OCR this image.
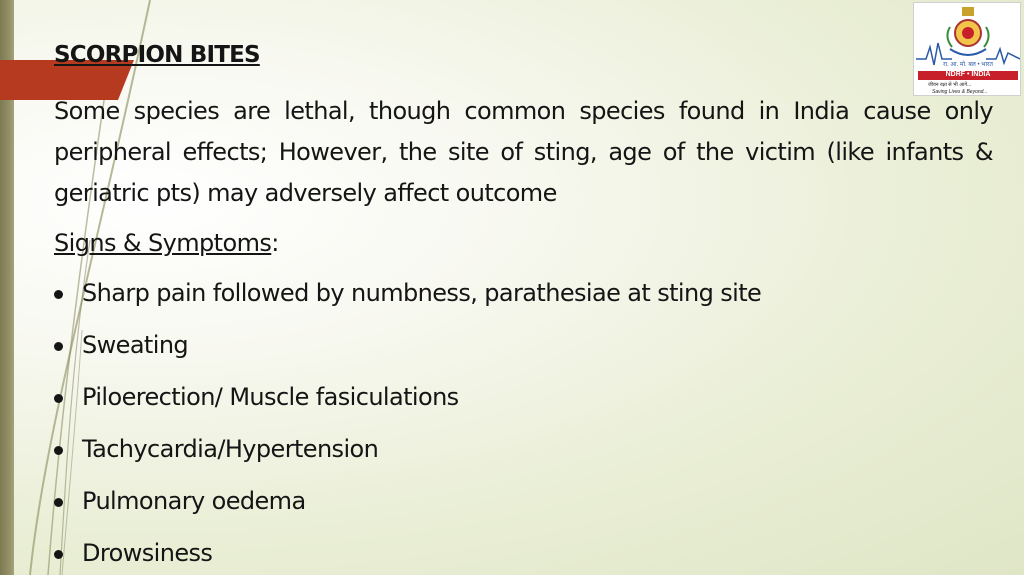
रा. आ. मो. बल • भारत
NDRF • INDIA
जीवन रक्षा से भी आगे...
Saving Lives & Beyond...
SCORPION BITES

Some species are lethal, though common species found in India cause only peripheral effects; However, the site of sting, age of the victim (like infants & geriatric pts) may adversely affect outcome

Signs & Symptoms:
Sharp pain followed by numbness, parathesiae at sting site
Sweating
Piloerection/ Muscle fasiculations
Tachycardia/Hypertension
Pulmonary oedema
Drowsiness
